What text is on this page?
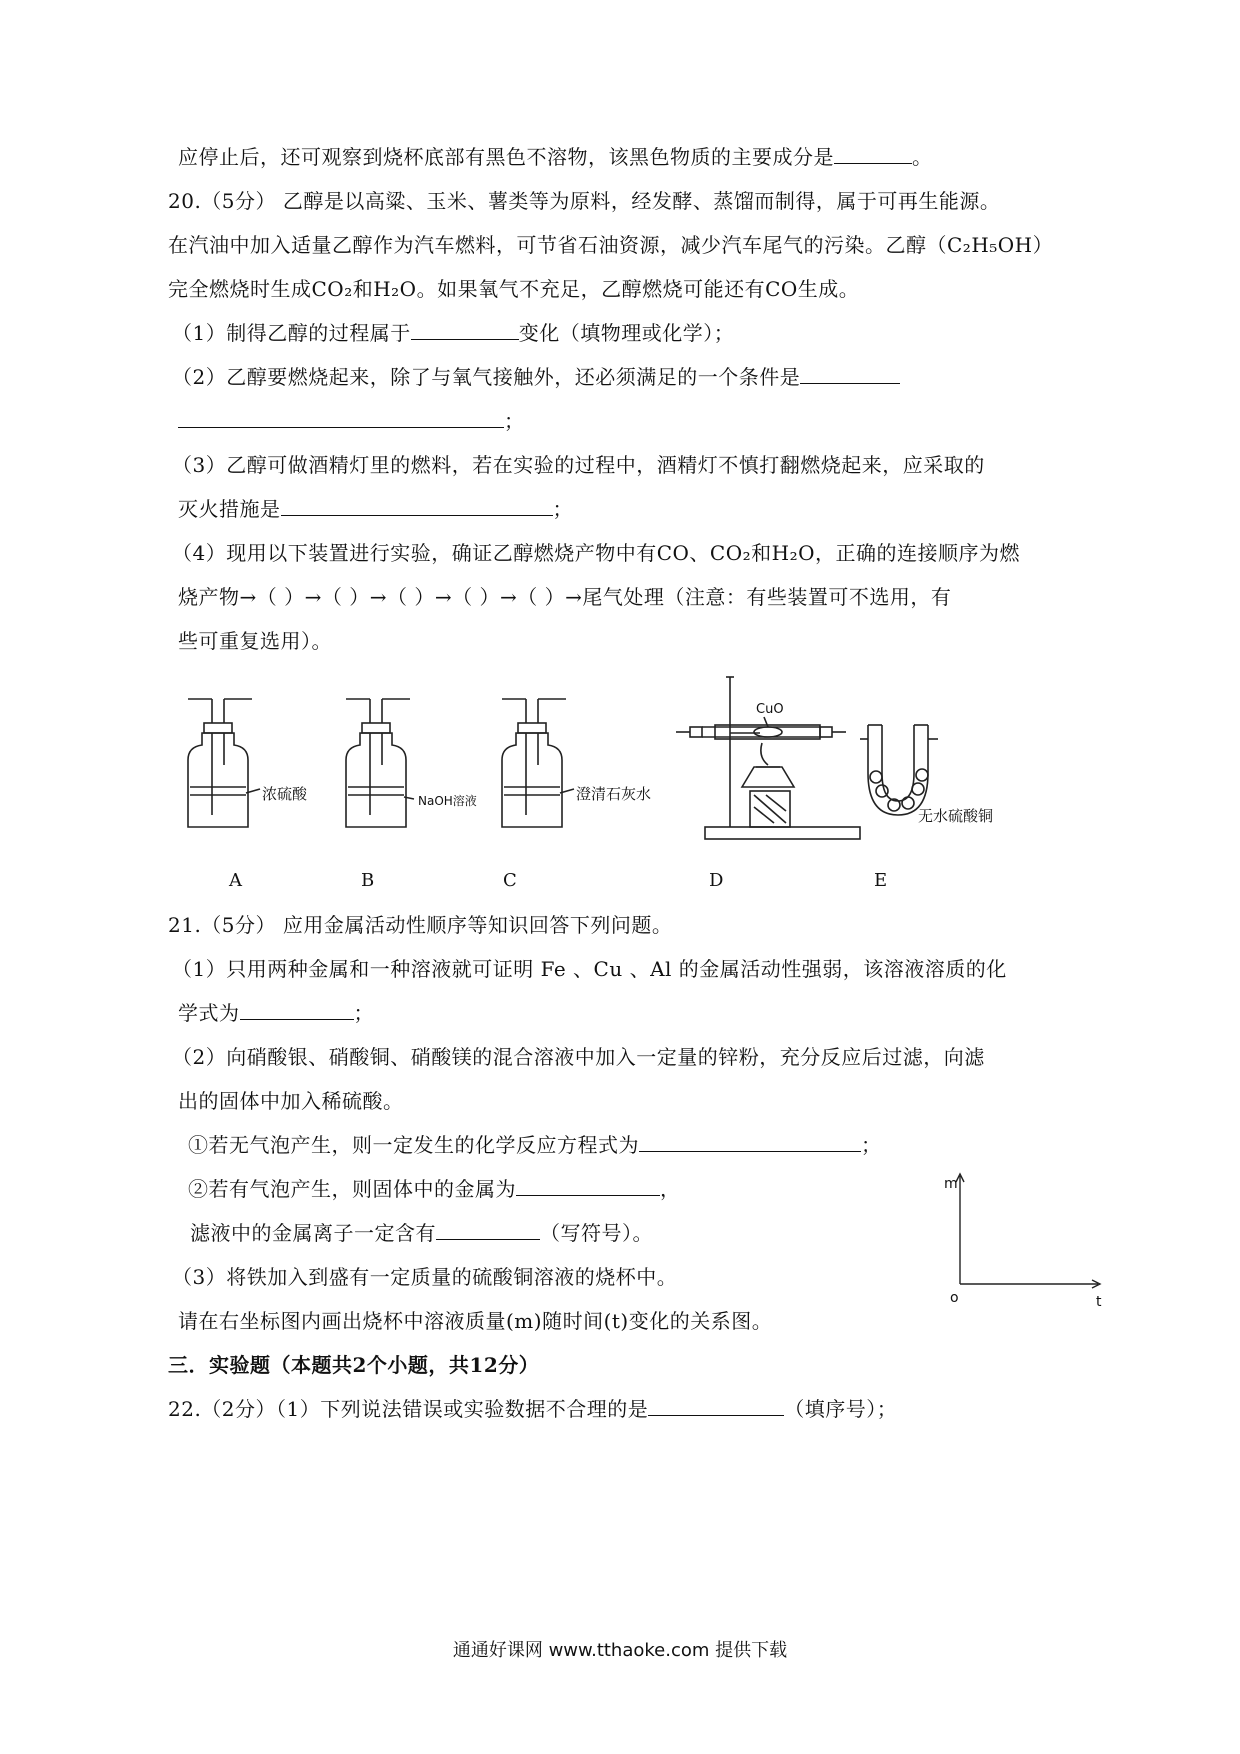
应停止后，还可观察到烧杯底部有黑色不溶物，该黑色物质的主要成分是	。
20.（5分） 乙醇是以高粱、玉米、薯类等为原料，经发酵、蒸馏而制得，属于可再生能源。
在汽油中加入适量乙醇作为汽车燃料，可节省石油资源，减少汽车尾气的污染。乙醇（C₂H₅OH）
完全燃烧时生成CO₂和H₂O。如果氧气不充足，乙醇燃烧可能还有CO生成。
（1）制得乙醇的过程属于	变化（填物理或化学）；
（2）乙醇要燃烧起来，除了与氧气接触外，还必须满足的一个条件是
；
（3）乙醇可做酒精灯里的燃料，若在实验的过程中，酒精灯不慎打翻燃烧起来，应采取的
灭火措施是	；
（4）现用以下装置进行实验，确证乙醇燃烧产物中有CO、CO₂和H₂O，正确的连接顺序为燃
烧产物→（ ）→（ ）→（ ）→（ ）→（ ）→尾气处理（注意：有些装置可不选用，有
些可重复选用）。
浓硫酸	NaOH溶液	澄清石灰水
CuO
无水硫酸铜
A	B	C	D	E
21.（5分） 应用金属活动性顺序等知识回答下列问题。
（1）只用两种金属和一种溶液就可证明 Fe 、Cu 、Al 的金属活动性强弱，该溶液溶质的化
学式为	；
（2）向硝酸银、硝酸铜、硝酸镁的混合溶液中加入一定量的锌粉，充分反应后过滤，向滤
出的固体中加入稀硫酸。
①若无气泡产生，则一定发生的化学反应方程式为	；
②若有气泡产生，则固体中的金属为	，
滤液中的金属离子一定含有	（写符号）。
（3）将铁加入到盛有一定质量的硫酸铜溶液的烧杯中。
请在右坐标图内画出烧杯中溶液质量(m)随时间(t)变化的关系图。
m
o	t
三．实验题（本题共2个小题，共12分）
22.（2分）（1）下列说法错误或实验数据不合理的是	（填序号）；
通通好课网 www.tthaoke.com 提供下载
